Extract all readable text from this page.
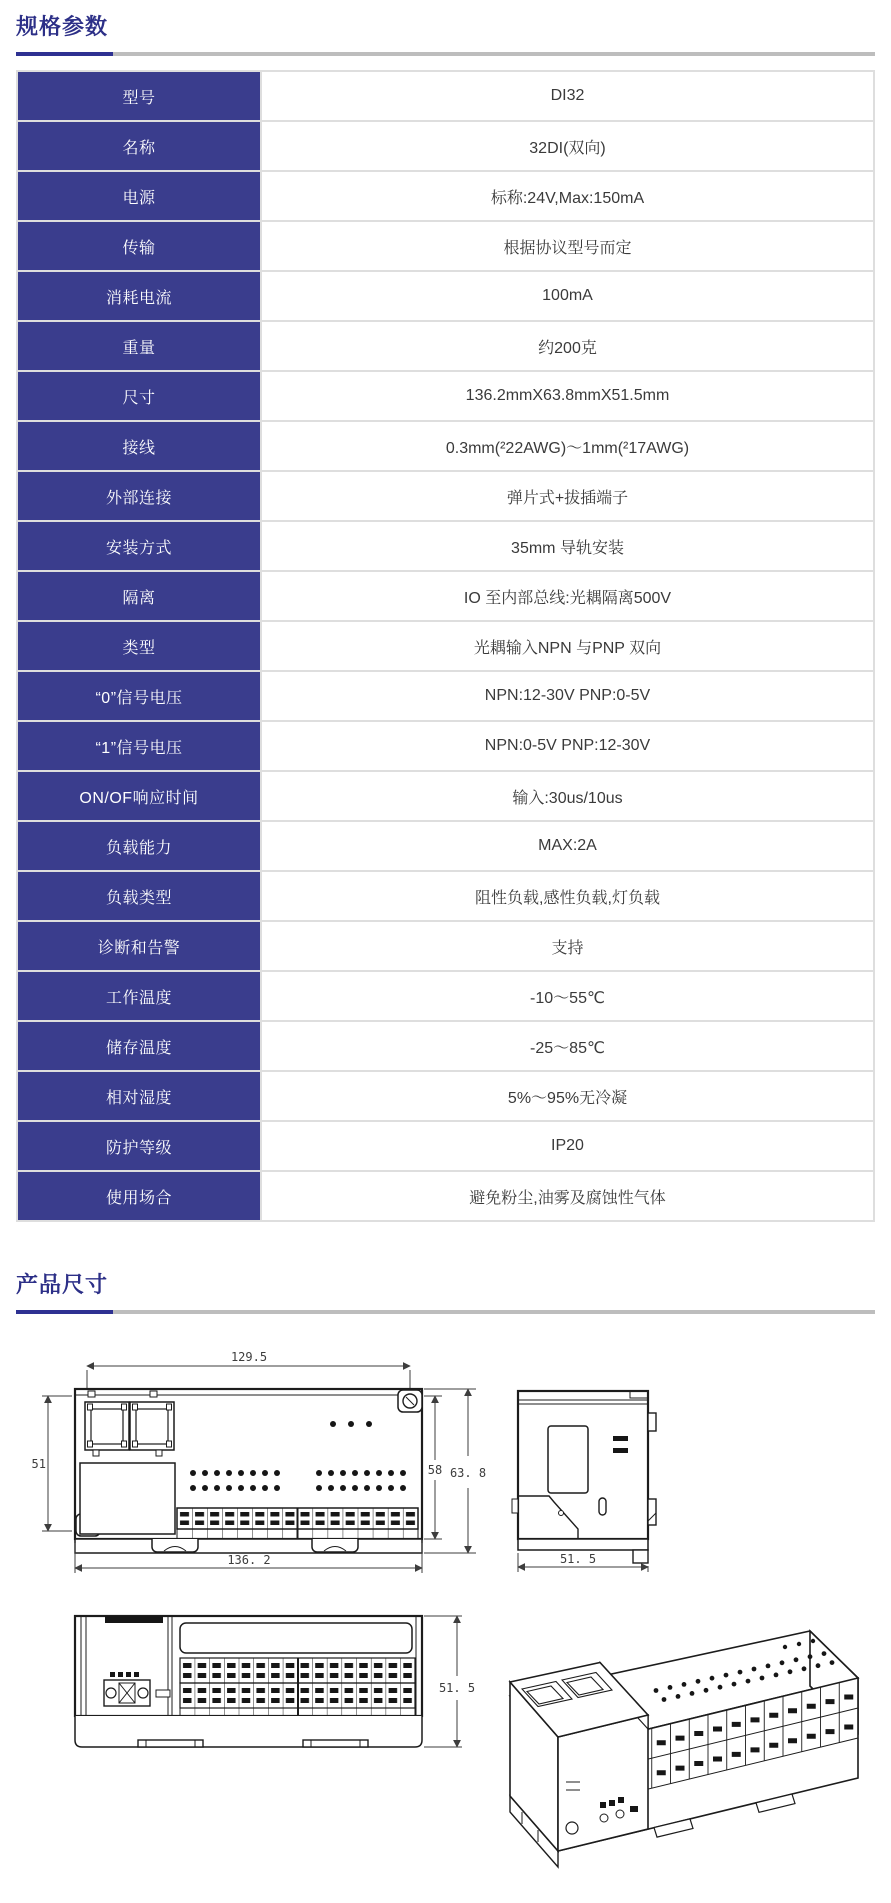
规格参数
型号	DI32
名称	32DI(双向)
电源	标称:24V,Max:150mA
传输	根据协议型号而定
消耗电流	100mA
重量	约200克
尺寸	136.2mmX63.8mmX51.5mm
接线	0.3mm(²22AWG)～1mm(²17AWG)
外部连接	弹片式+拔插端子
安装方式	35mm 导轨安装
隔离	IO 至内部总线:光耦隔离500V
类型	光耦输入NPN 与PNP 双向
“0”信号电压	NPN:12-30V PNP:0-5V
“1”信号电压	NPN:0-5V PNP:12-30V
ON/OF响应时间	输入:30us/10us
负载能力	MAX:2A
负载类型	阻性负载,感性负载,灯负载
诊断和告警	支持
工作温度	-10～55℃
储存温度	-25～85℃
相对湿度	5%～95%无冷凝
防护等级	IP20
使用场合	避免粉尘,油雾及腐蚀性气体
产品尺寸
129.5
136. 2
51	58 63. 8
51. 5
51. 5
